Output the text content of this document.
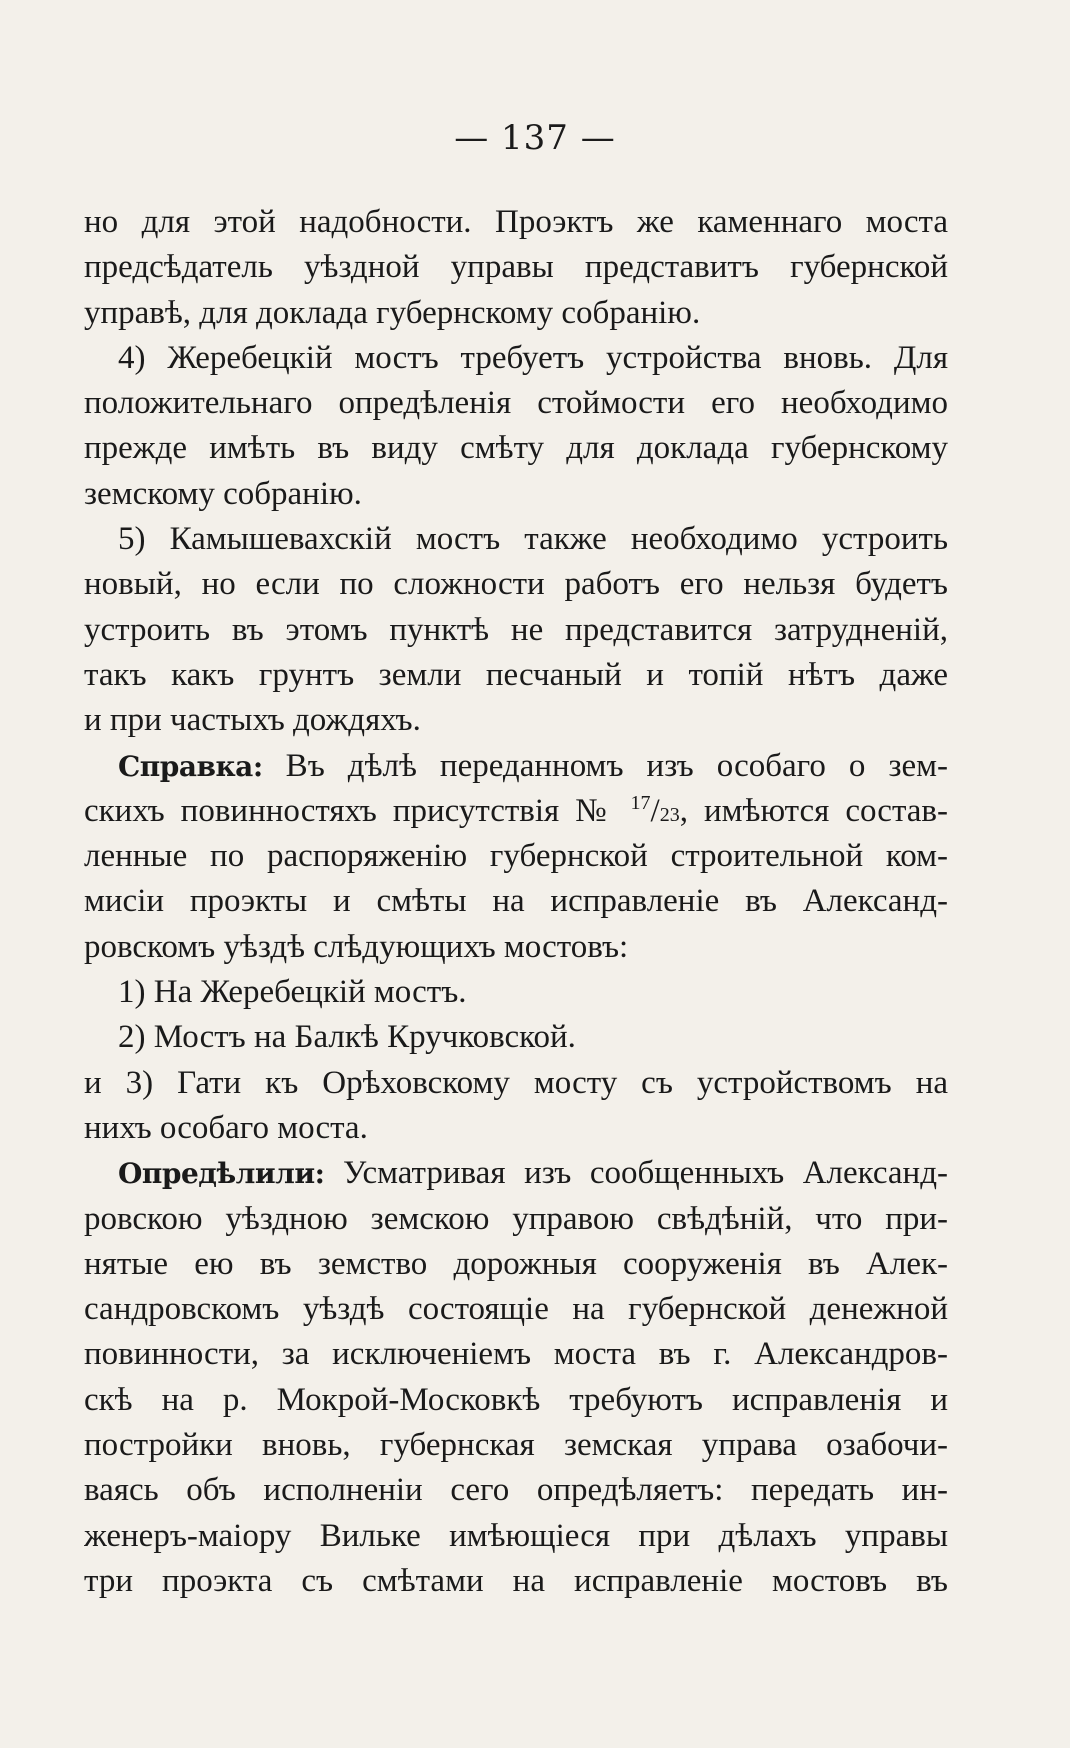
— 137 —
но для этой надобности. Проэктъ же каменнаго моста
предсѣдатель уѣздной управы представитъ губернской
управѣ, для доклада губернскому собранію.
4) Жеребецкій мостъ требуетъ устройства вновь. Для
положительнаго опредѣленія стоймости его необходимо
прежде имѣть въ виду смѣту для доклада губернскому
земскому собранію.
5) Камышевахскій мостъ также необходимо устроить
новый, но если по сложности работъ его нельзя будетъ
устроить въ этомъ пунктѣ не представится затрудненій,
такъ какъ грунтъ земли песчаный и топій нѣтъ даже
и при частыхъ дождяхъ.
Справка: Въ дѣлѣ переданномъ изъ особаго о зем-
скихъ повинностяхъ присутствія № $^{17}$/23, имѣются состав-
ленные по распоряженію губернской строительной ком-
мисіи проэкты и смѣты на исправленіе въ Александ-
ровскомъ уѣздѣ слѣдующихъ мостовъ:
1) На Жеребецкій мостъ.
2) Мостъ на Балкѣ Кручковской.
и 3) Гати къ Орѣховскому мосту съ устройствомъ на
нихъ особаго моста.
Опредѣлили: Усматривая изъ сообщенныхъ Александ-
ровскою уѣздною земскою управою свѣдѣній, что при-
нятые ею въ земство дорожныя сооруженія въ Алек-
сандровскомъ уѣздѣ состоящіе на губернской денежной
повинности, за исключеніемъ моста въ г. Александров-
скѣ на р. Мокрой-Московкѣ требуютъ исправленія и
постройки вновь, губернская земская управа озабочи-
ваясь объ исполненіи сего опредѣляетъ: передать ин-
женеръ-маіору Вильке имѣющіеся при дѣлахъ управы
три проэкта съ смѣтами на исправленіе мостовъ въ
